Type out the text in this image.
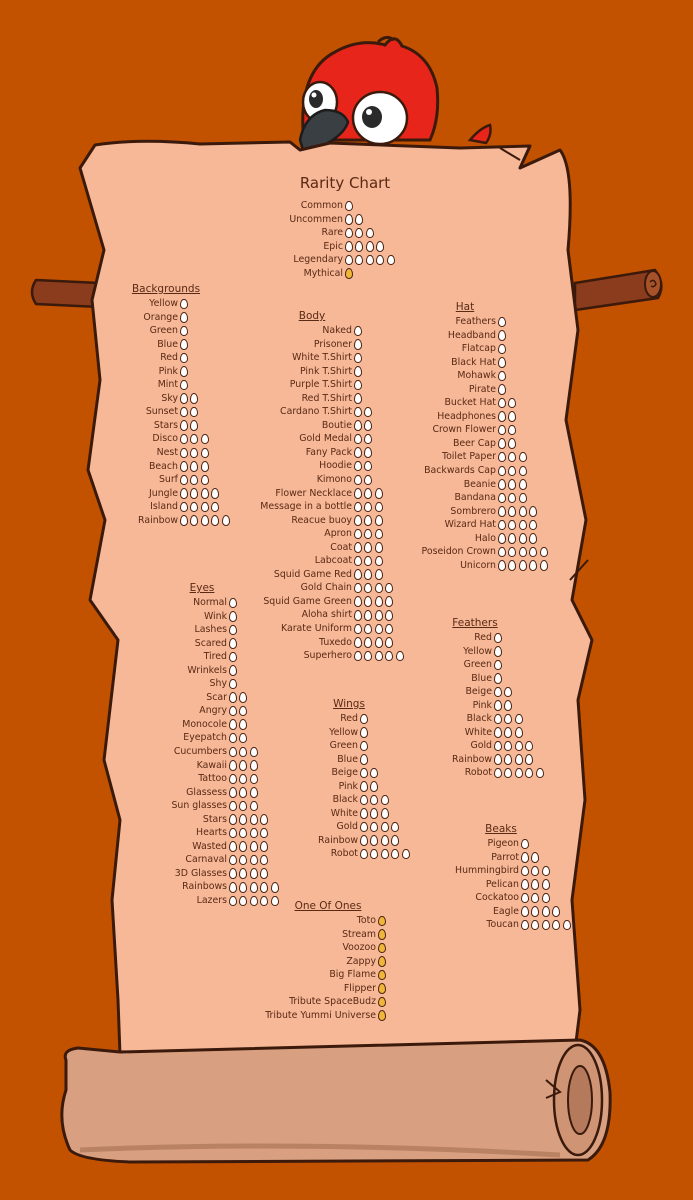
Rarity Chart
Common
Uncommen
Rare
Epic
Legendary
Mythical
Backgrounds
Yellow
Orange
Green
Blue
Red
Pink
Mint
Sky
Sunset
Stars
Disco
Nest
Beach
Surf
Jungle
Island
Rainbow
Body
Naked
Prisoner
White T.Shirt
Pink T.Shirt
Purple T.Shirt
Red T.Shirt
Cardano T.Shirt
Boutie
Gold Medal
Fany Pack
Hoodie
Kimono
Flower Necklace
Message in a bottle
Reacue buoy
Apron
Coat
Labcoat
Squid Game Red
Gold Chain
Squid Game Green
Aloha shirt
Karate Uniform
Tuxedo
Superhero
Hat
Feathers
Headband
Flatcap
Black Hat
Mohawk
Pirate
Bucket Hat
Headphones
Crown Flower
Beer Cap
Toilet Paper
Backwards Cap
Beanie
Bandana
Sombrero
Wizard Hat
Halo
Poseidon Crown
Unicorn
Eyes
Normal
Wink
Lashes
Scared
Tired
Wrinkels
Shy
Scar
Angry
Monocole
Eyepatch
Cucumbers
Kawaii
Tattoo
Glassess
Sun glasses
Stars
Hearts
Wasted
Carnaval
3D Glasses
Rainbows
Lazers
Feathers
Red
Yellow
Green
Blue
Beige
Pink
Black
White
Gold
Rainbow
Robot
Wings
Red
Yellow
Green
Blue
Beige
Pink
Black
White
Gold
Rainbow
Robot
Beaks
Pigeon
Parrot
Hummingbird
Pelican
Cockatoo
Eagle
Toucan
One Of Ones
Toto
Stream
Voozoo
Zappy
Big Flame
Flipper
Tribute SpaceBudz
Tribute Yummi Universe
